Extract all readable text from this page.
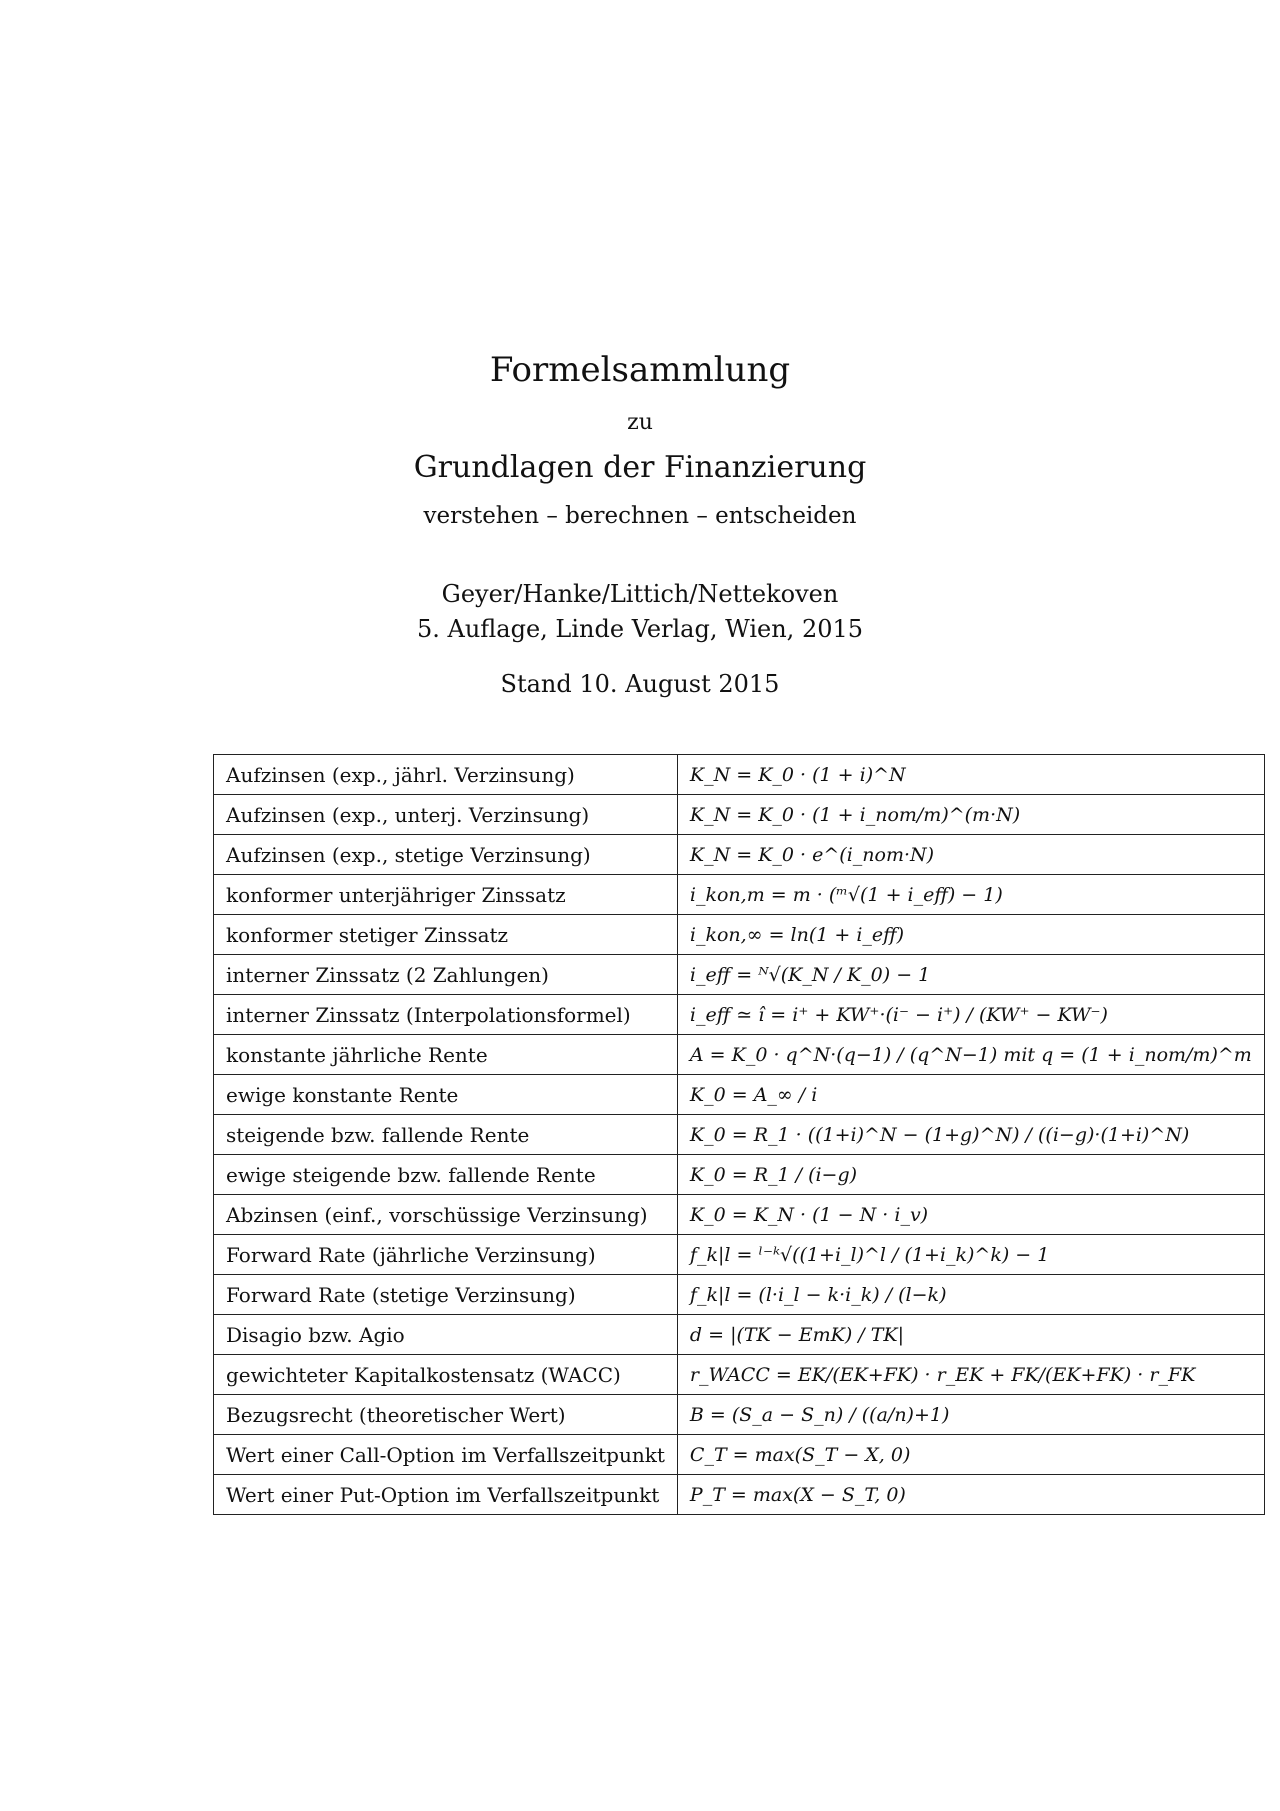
Formelsammlung
zu
Grundlagen der Finanzierung
verstehen – berechnen – entscheiden
Geyer/Hanke/Littich/Nettekoven
5. Auflage, Linde Verlag, Wien, 2015
Stand 10. August 2015
Aufzinsen (exp., jährl. Verzinsung)	K_N = K_0 · (1 + i)^N
Aufzinsen (exp., unterj. Verzinsung)	K_N = K_0 · (1 + i_nom/m)^(m·N)
Aufzinsen (exp., stetige Verzinsung)	K_N = K_0 · e^(i_nom·N)
konformer unterjähriger Zinssatz	i_kon,m = m · (ᵐ√(1 + i_eff) − 1)
konformer stetiger Zinssatz	i_kon,∞ = ln(1 + i_eff)
interner Zinssatz (2 Zahlungen)	i_eff = ᴺ√(K_N / K_0) − 1
interner Zinssatz (Interpolationsformel)	i_eff ≃ î = i⁺ + KW⁺·(i⁻ − i⁺) / (KW⁺ − KW⁻)
konstante jährliche Rente	A = K_0 · q^N·(q−1) / (q^N−1) mit q = (1 + i_nom/m)^m
ewige konstante Rente	K_0 = A_∞ / i
steigende bzw. fallende Rente	K_0 = R_1 · ((1+i)^N − (1+g)^N) / ((i−g)·(1+i)^N)
ewige steigende bzw. fallende Rente	K_0 = R_1 / (i−g)
Abzinsen (einf., vorschüssige Verzinsung)	K_0 = K_N · (1 − N · i_v)
Forward Rate (jährliche Verzinsung)	f_k|l = ˡ⁻ᵏ√((1+i_l)^l / (1+i_k)^k) − 1
Forward Rate (stetige Verzinsung)	f_k|l = (l·i_l − k·i_k) / (l−k)
Disagio bzw. Agio	d = |(TK − EmK) / TK|
gewichteter Kapitalkostensatz (WACC)	r_WACC = EK/(EK+FK) · r_EK + FK/(EK+FK) · r_FK
Bezugsrecht (theoretischer Wert)	B = (S_a − S_n) / ((a/n)+1)
Wert einer Call-Option im Verfallszeitpunkt	C_T = max(S_T − X, 0)
Wert einer Put-Option im Verfallszeitpunkt	P_T = max(X − S_T, 0)
